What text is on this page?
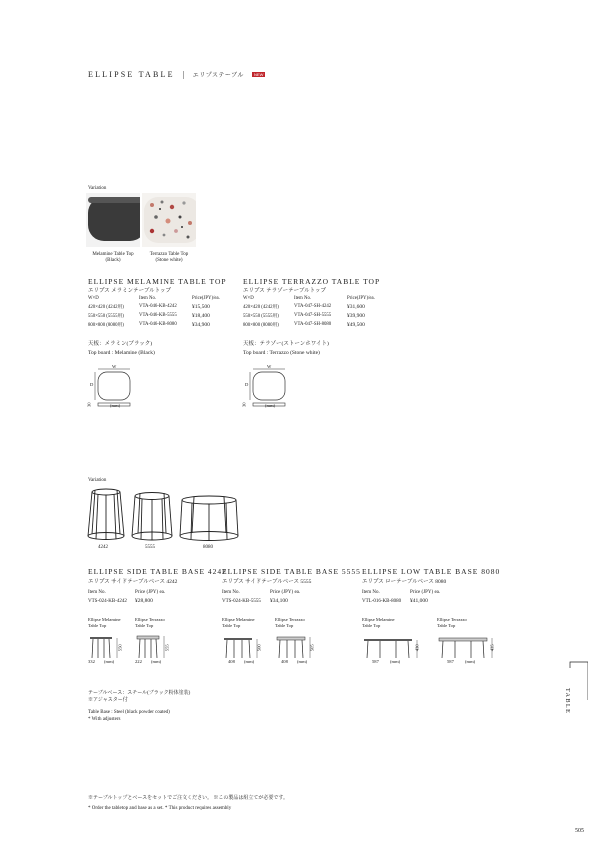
ELLIPSE TABLE | エリプステーブル	NEW
Variation
Melamine Table Top
(Black)
Terrazzo Table Top
(Stone white)
ELLIPSE MELAMINE TABLE TOP
エリプス メラミンテーブルトップ
W×D	Item No.	Price(JPY)/ea.
420×420 (4242用)	VTA-046-KB-4242	¥15,500
550×550 (5555用)	VTA-046-KB-5555	¥18,400
800×800 (8080用)	VTA-046-KB-8080	¥34,900
天板：メラミン(ブラック)
Top board : Melamine (Black)
W
D
30	(mm)
ELLIPSE TERRAZZO TABLE TOP
エリプス テラゾーテーブルトップ
W×D	Item No.	Price(JPY)/ea.
420×420 (4242用)	VTA-047-SH-4242	¥31,600
550×550 (5555用)	VTA-047-SH-5555	¥39,900
800×800 (8080用)	VTA-047-SH-8080	¥49,500
天板：テラゾー(ストーンホワイト)
Top board : Terrazzo (Stone white)
W
D
30	(mm)
Variation
4242	5555	8080
ELLIPSE SIDE TABLE BASE 4242
エリプス サイドテーブルベース 4242
Item No.	Price (JPY) ea.
VTS-024-KB-4242 ¥28,800
Ellipse Melamine
Table Top
Ellipse Terrazzo
Table Top
550
332 (mm)
555
222 (mm)
ELLIPSE SIDE TABLE BASE 5555
エリプス サイドテーブルベース 5555
Item No.	Price (JPY) ea.
VTS-024-KB-5555 ¥34,100
Ellipse Melamine
Table Top
Ellipse Terrazzo
Table Top
500
408 (mm)
505
408 (mm)
ELLIPSE LOW TABLE BASE 8080
エリプス ローテーブルベース 8080
Item No.	Price (JPY) ea.
VTL-016-KB-8080 ¥41,000
Ellipse Melamine
Table Top
Ellipse Terrazzo
Table Top
430
587 (mm)
435
587 (mm)
テーブルベース：スチール(ブラック粉体塗装)
※アジャスター付
Table Base : Steel (black powder coated)
* With adjusters
※テーブルトップとベースをセットでご注文ください。 ※この製品は組立てが必要です。
* Order the tabletop and base as a set. * This product requires assembly
TABLE
505
